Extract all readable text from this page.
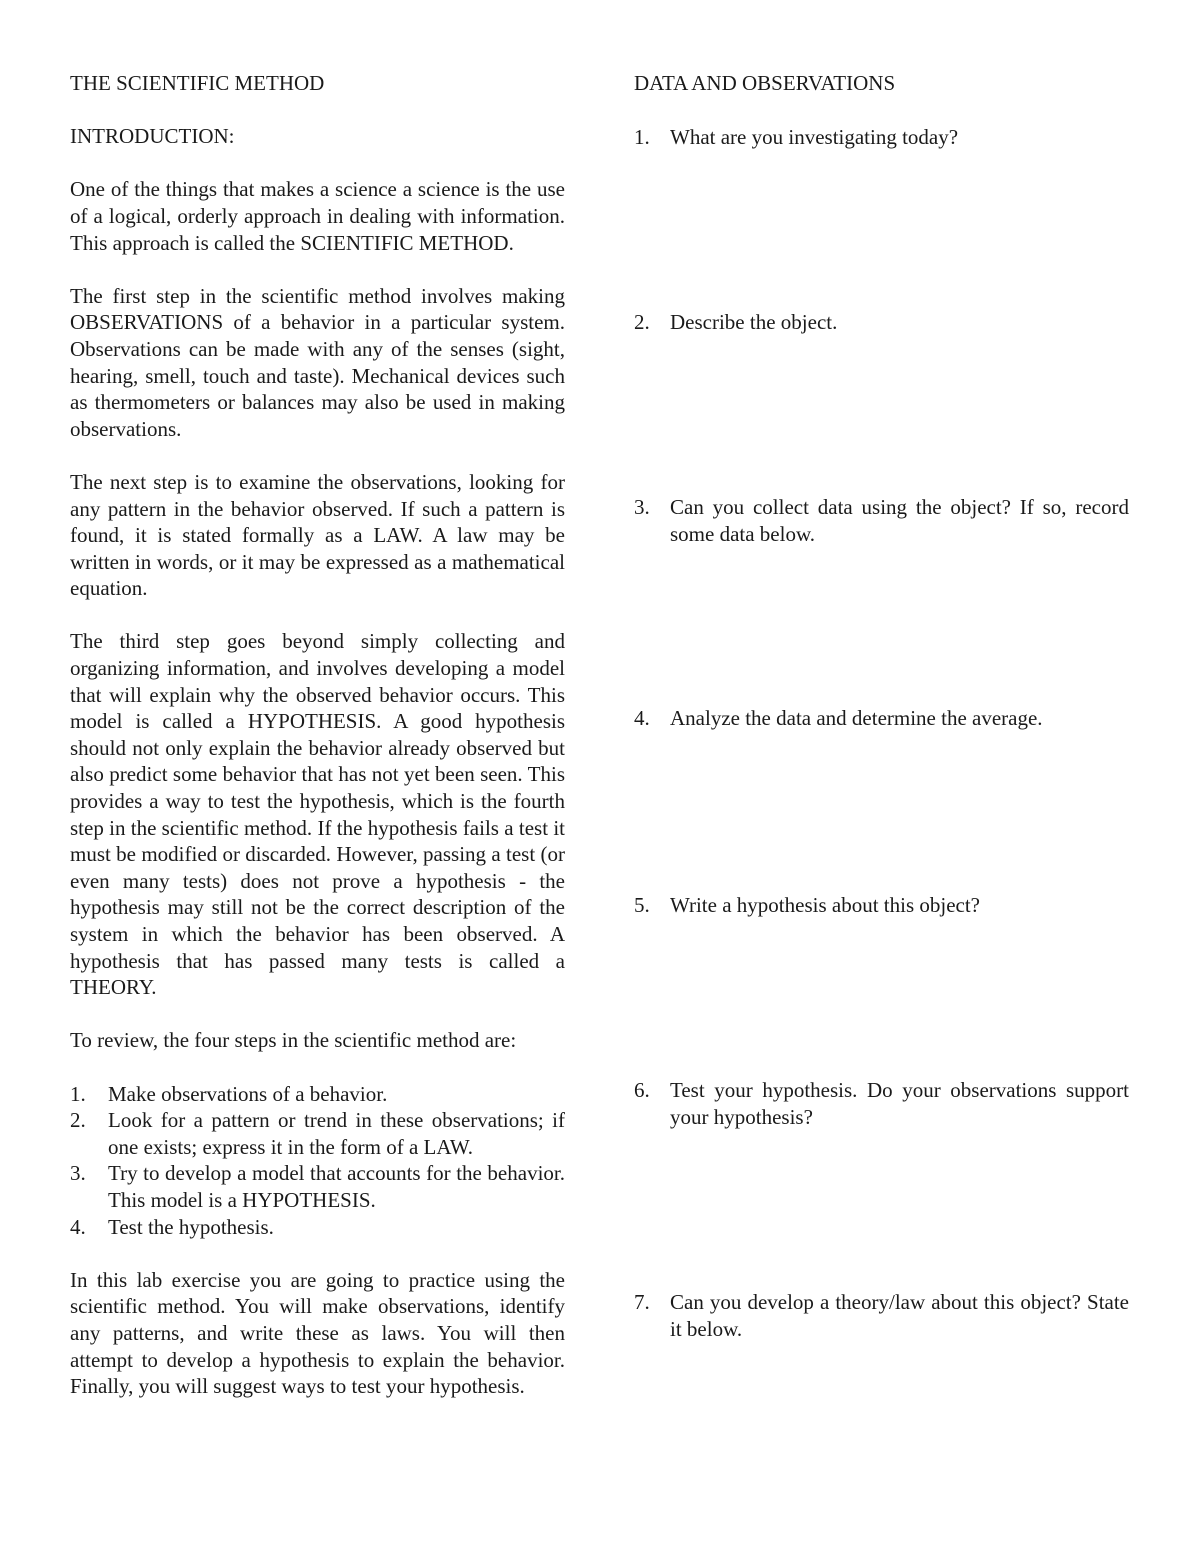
THE SCIENTIFIC METHOD

INTRODUCTION:

One of the things that makes a science a science is the use of a logical, orderly approach in dealing with information. This approach is called the SCIENTIFIC METHOD.

The first step in the scientific method involves making OBSERVATIONS of a behavior in a particular system. Observations can be made with any of the senses (sight, hearing, smell, touch and taste). Mechanical devices such as thermometers or balances may also be used in making observations.

The next step is to examine the observations, looking for any pattern in the behavior observed. If such a pattern is found, it is stated formally as a LAW. A law may be written in words, or it may be expressed as a mathematical equation.

The third step goes beyond simply collecting and organizing information, and involves developing a model that will explain why the observed behavior occurs. This model is called a HYPOTHESIS. A good hypothesis should not only explain the behavior already observed but also predict some behavior that has not yet been seen. This provides a way to test the hypothesis, which is the fourth step in the scientific method. If the hypothesis fails a test it must be modified or discarded. However, passing a test (or even many tests) does not prove a hypothesis - the hypothesis may still not be the correct description of the system in which the behavior has been observed. A hypothesis that has passed many tests is called a THEORY.

To review, the four steps in the scientific method are:

1. Make observations of a behavior.
2. Look for a pattern or trend in these observations; if one exists; express it in the form of a LAW.
3. Try to develop a model that accounts for the behavior. This model is a HYPOTHESIS.
4. Test the hypothesis.

In this lab exercise you are going to practice using the scientific method. You will make observations, identify any patterns, and write these as laws. You will then attempt to develop a hypothesis to explain the behavior. Finally, you will suggest ways to test your hypothesis.

DATA AND OBSERVATIONS

1. What are you investigating today?
2. Describe the object.
3. Can you collect data using the object? If so, record some data below.
4. Analyze the data and determine the average.
5. Write a hypothesis about this object?
6. Test your hypothesis. Do your observations support your hypothesis?
7. Can you develop a theory/law about this object? State it below.
